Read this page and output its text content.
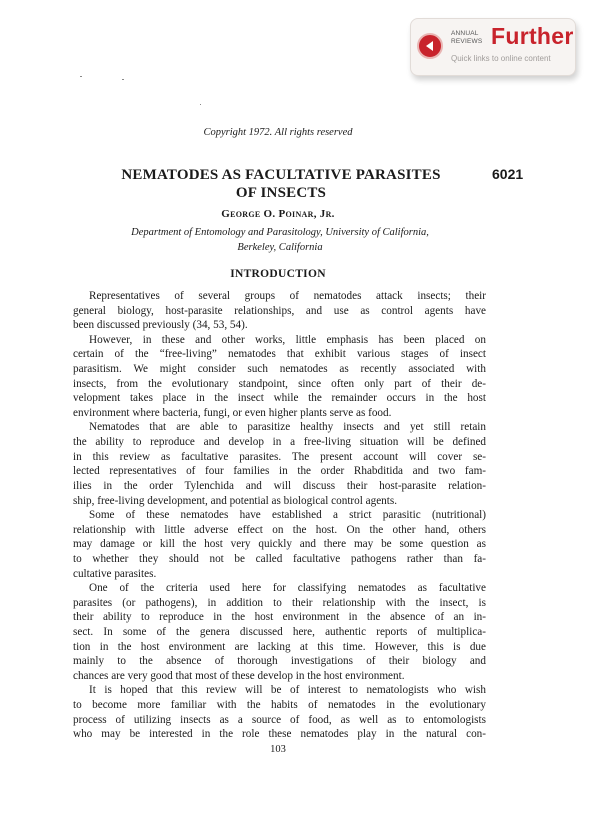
ANNUAL
REVIEWS Further
Quick links to online content
Copyright 1972. All rights reserved
NEMATODES AS FACULTATIVE PARASITES
OF INSECTS
6021
George O. Poinar, Jr.
Department of Entomology and Parasitology, University of California,
Berkeley, California
INTRODUCTION
Representatives of several groups of nematodes attack insects; their
general biology, host-parasite relationships, and use as control agents have
been discussed previously (34, 53, 54).
However, in these and other works, little emphasis has been placed on
certain of the “free-living” nematodes that exhibit various stages of insect
parasitism. We might consider such nematodes as recently associated with
insects, from the evolutionary standpoint, since often only part of their de-
velopment takes place in the insect while the remainder occurs in the host
environment where bacteria, fungi, or even higher plants serve as food.
Nematodes that are able to parasitize healthy insects and yet still retain
the ability to reproduce and develop in a free-living situation will be defined
in this review as facultative parasites. The present account will cover se-
lected representatives of four families in the order Rhabditida and two fam-
ilies in the order Tylenchida and will discuss their host-parasite relation-
ship, free-living development, and potential as biological control agents.
Some of these nematodes have established a strict parasitic (nutritional)
relationship with little adverse effect on the host. On the other hand, others
may damage or kill the host very quickly and there may be some question as
to whether they should not be called facultative pathogens rather than fa-
cultative parasites.
One of the criteria used here for classifying nematodes as facultative
parasites (or pathogens), in addition to their relationship with the insect, is
their ability to reproduce in the host environment in the absence of an in-
sect. In some of the genera discussed here, authentic reports of multiplica-
tion in the host environment are lacking at this time. However, this is due
mainly to the absence of thorough investigations of their biology and
chances are very good that most of these develop in the host environment.
It is hoped that this review will be of interest to nematologists who wish
to become more familiar with the habits of nematodes in the evolutionary
process of utilizing insects as a source of food, as well as to entomologists
who may be interested in the role these nematodes play in the natural con-
103
